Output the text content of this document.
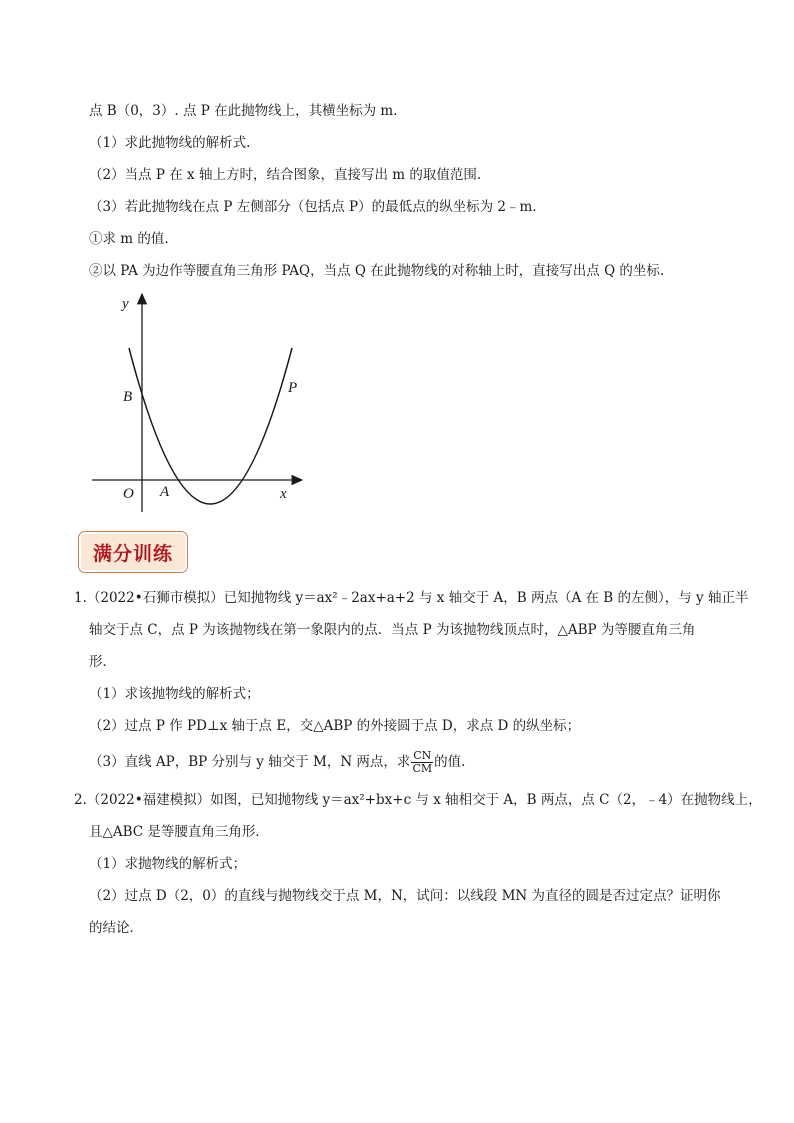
点 B（0，3）. 点 P 在此抛物线上，其横坐标为 m.
（1）求此抛物线的解析式.
（2）当点 P 在 x 轴上方时，结合图象，直接写出 m 的取值范围.
（3）若此抛物线在点 P 左侧部分（包括点 P）的最低点的纵坐标为 2﹣m.
①求 m 的值.
②以 PA 为边作等腰直角三角形 PAQ，当点 Q 在此抛物线的对称轴上时，直接写出点 Q 的坐标.
y
x
O A
B
P
满分训练
1.（2022•石狮市模拟）已知抛物线 y＝ax²﹣2ax+a+2 与 x 轴交于 A，B 两点（A 在 B 的左侧），与 y 轴正半
轴交于点 C，点 P 为该抛物线在第一象限内的点．当点 P 为该抛物线顶点时，△ABP 为等腰直角三角
形．
（1）求该抛物线的解析式；
（2）过点 P 作 PD⊥x 轴于点 E，交△ABP 的外接圆于点 D，求点 D 的纵坐标；
（3）直线 AP，BP 分别与 y 轴交于 M，N 两点，求 $\frac{CN}{CM}$ 的值.
2.（2022•福建模拟）如图，已知抛物线 y＝ax²+bx+c 与 x 轴相交于 A，B 两点，点 C（2，﹣4）在抛物线上，
且△ABC 是等腰直角三角形．
（1）求抛物线的解析式；
（2）过点 D（2，0）的直线与抛物线交于点 M，N，试问：以线段 MN 为直径的圆是否过定点？证明你
的结论．
